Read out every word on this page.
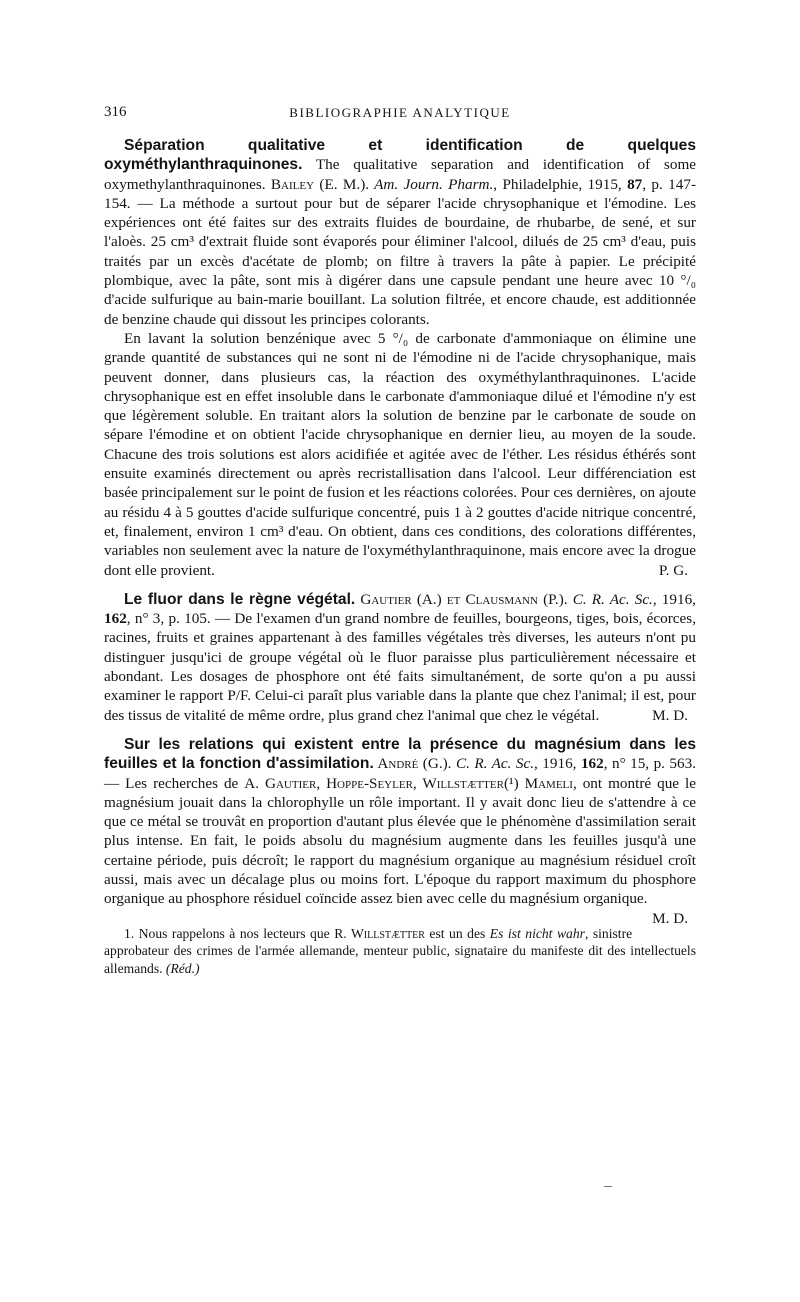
316	BIBLIOGRAPHIE ANALYTIQUE

Séparation qualitative et identification de quelques oxyméthylanthraquinones. The qualitative separation and identification of some oxymethylanthraquinones. Bailey (E. M.). Am. Journ. Pharm., Philadelphie, 1915, 87, p. 147-154. — La méthode a surtout pour but de séparer l'acide chrysophanique et l'émodine. Les expériences ont été faites sur des extraits fluides de bourdaine, de rhubarbe, de sené, et sur l'aloès. 25 cm³ d'extrait fluide sont évaporés pour éliminer l'alcool, dilués de 25 cm³ d'eau, puis traités par un excès d'acétate de plomb; on filtre à travers la pâte à papier. Le précipité plombique, avec la pâte, sont mis à digérer dans une capsule pendant une heure avec 10 °/₀ d'acide sulfurique au bain-marie bouillant. La solution filtrée, et encore chaude, est additionnée de benzine chaude qui dissout les principes colorants.

En lavant la solution benzénique avec 5 °/₀ de carbonate d'ammoniaque on élimine une grande quantité de substances qui ne sont ni de l'émodine ni de l'acide chrysophanique, mais peuvent donner, dans plusieurs cas, la réaction des oxyméthylanthraquinones. L'acide chrysophanique est en effet insoluble dans le carbonate d'ammoniaque dilué et l'émodine n'y est que légèrement soluble. En traitant alors la solution de benzine par le carbonate de soude on sépare l'émodine et on obtient l'acide chrysophanique en dernier lieu, au moyen de la soude. Chacune des trois solutions est alors acidifiée et agitée avec de l'éther. Les résidus éthérés sont ensuite examinés directement ou après recristallisation dans l'alcool. Leur différenciation est basée principalement sur le point de fusion et les réactions colorées. Pour ces dernières, on ajoute au résidu 4 à 5 gouttes d'acide sulfurique concentré, puis 1 à 2 gouttes d'acide nitrique concentré, et, finalement, environ 1 cm³ d'eau. On obtient, dans ces conditions, des colorations différentes, variables non seulement avec la nature de l'oxyméthylanthraquinone, mais encore avec la drogue dont elle provient.	P. G.

Le fluor dans le règne végétal. Gautier (A.) et Clausmann (P.). C. R. Ac. Sc., 1916, 162, n° 3, p. 105. — De l'examen d'un grand nombre de feuilles, bourgeons, tiges, bois, écorces, racines, fruits et graines appartenant à des familles végétales très diverses, les auteurs n'ont pu distinguer jusqu'ici de groupe végétal où le fluor paraisse plus particulièrement nécessaire et abondant. Les dosages de phosphore ont été faits simultanément, de sorte qu'on a pu aussi examiner le rapport P/F. Celui-ci paraît plus variable dans la plante que chez l'animal; il est, pour des tissus de vitalité de même ordre, plus grand chez l'animal que chez le végétal.	M. D.

Sur les relations qui existent entre la présence du magnésium dans les feuilles et la fonction d'assimilation. André (G.). C. R. Ac. Sc., 1916, 162, n° 15, p. 563. — Les recherches de A. Gautier, Hoppe-Seyler, Willstætter(¹) Mameli, ont montré que le magnésium jouait dans la chlorophylle un rôle important. Il y avait donc lieu de s'attendre à ce que ce métal se trouvât en proportion d'autant plus élevée que le phénomène d'assimilation serait plus intense. En fait, le poids absolu du magnésium augmente dans les feuilles jusqu'à une certaine période, puis décroît; le rapport du magnésium organique au magnésium résiduel croît aussi, mais avec un décalage plus ou moins fort. L'époque du rapport maximum du phosphore organique au phosphore résiduel coïncide assez bien avec celle du magnésium organique.
M. D.

1. Nous rappelons à nos lecteurs que R. Willstætter est un des Es ist nicht wahr, sinistre approbateur des crimes de l'armée allemande, menteur public, signataire du manifeste dit des intellectuels allemands. (Réd.)
